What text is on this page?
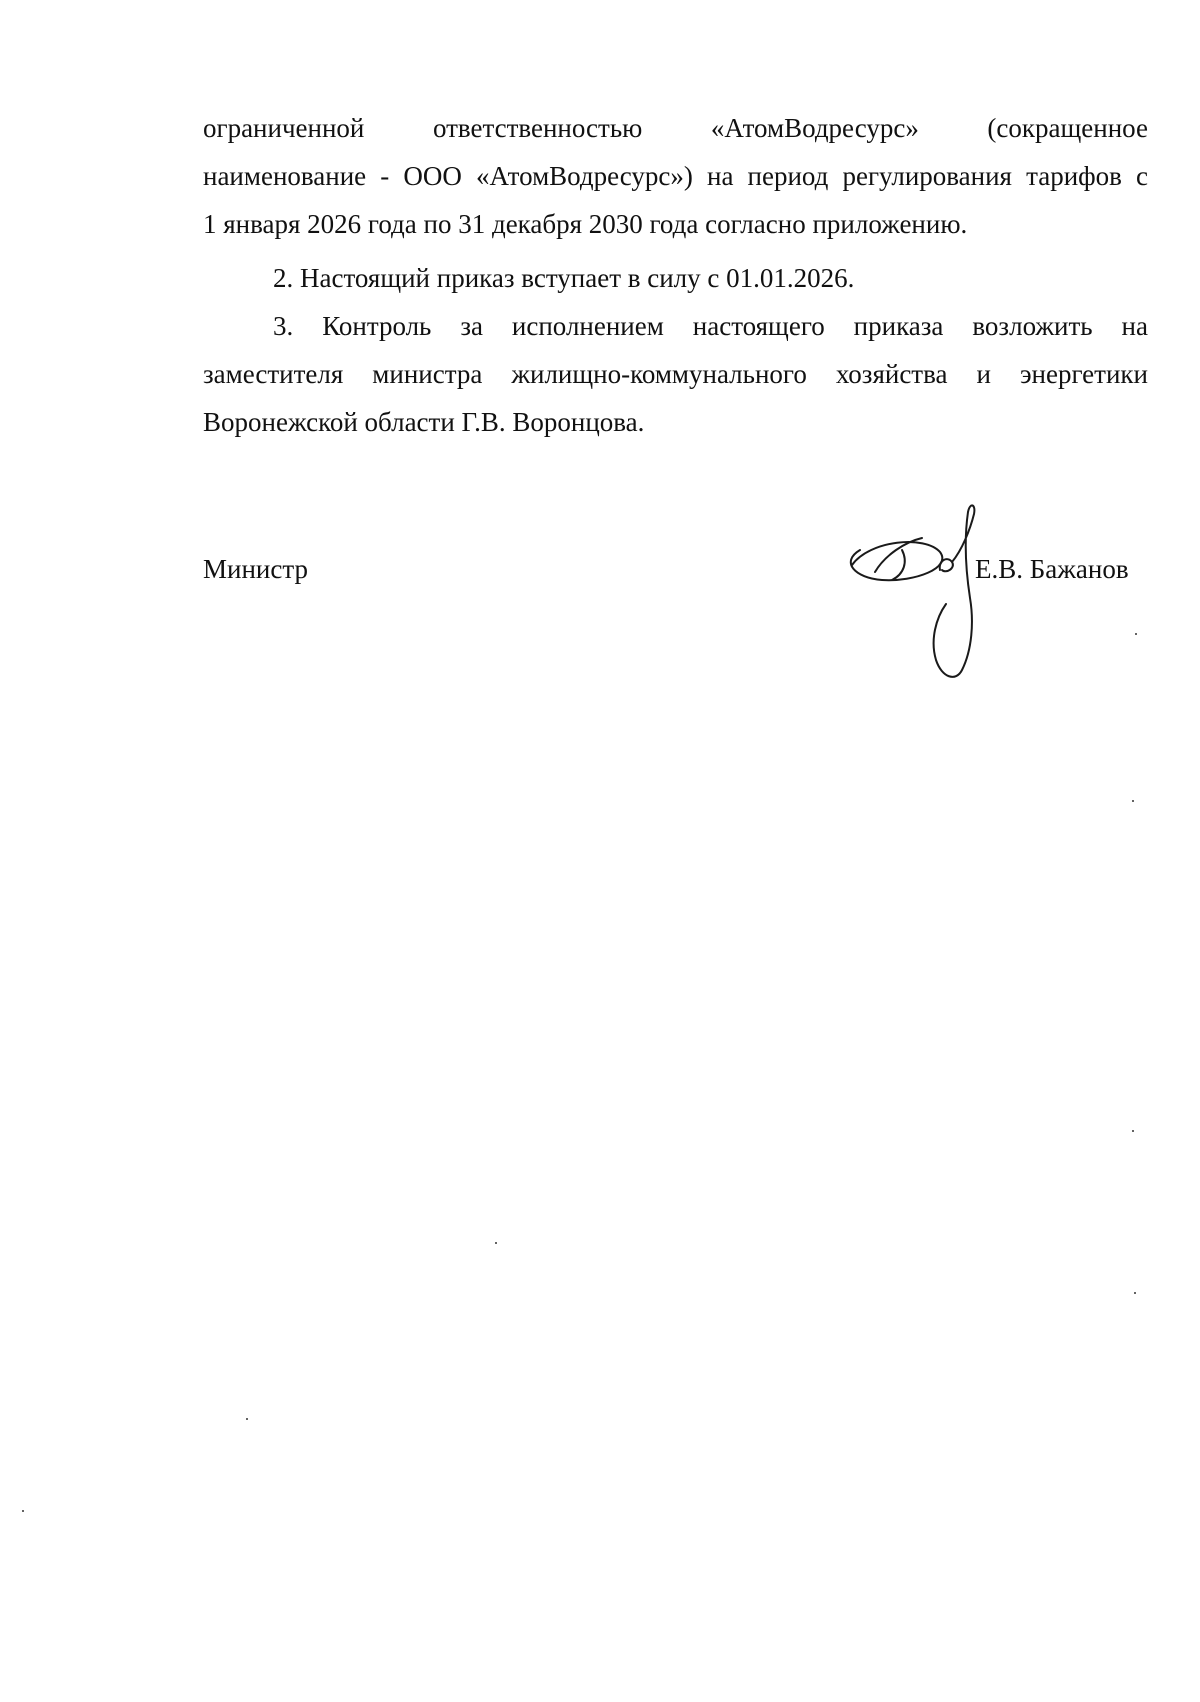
ограниченной ответственностью «АтомВодресурс» (сокращенное
наименование - ООО «АтомВодресурс») на период регулирования тарифов с
1 января 2026 года по 31 декабря 2030 года согласно приложению.
2. Настоящий приказ вступает в силу с 01.01.2026.
3. Контроль за исполнением настоящего приказа возложить на
заместителя министра жилищно-коммунального хозяйства и энергетики
Воронежской области Г.В. Воронцова.
Министр	Е.В. Бажанов
